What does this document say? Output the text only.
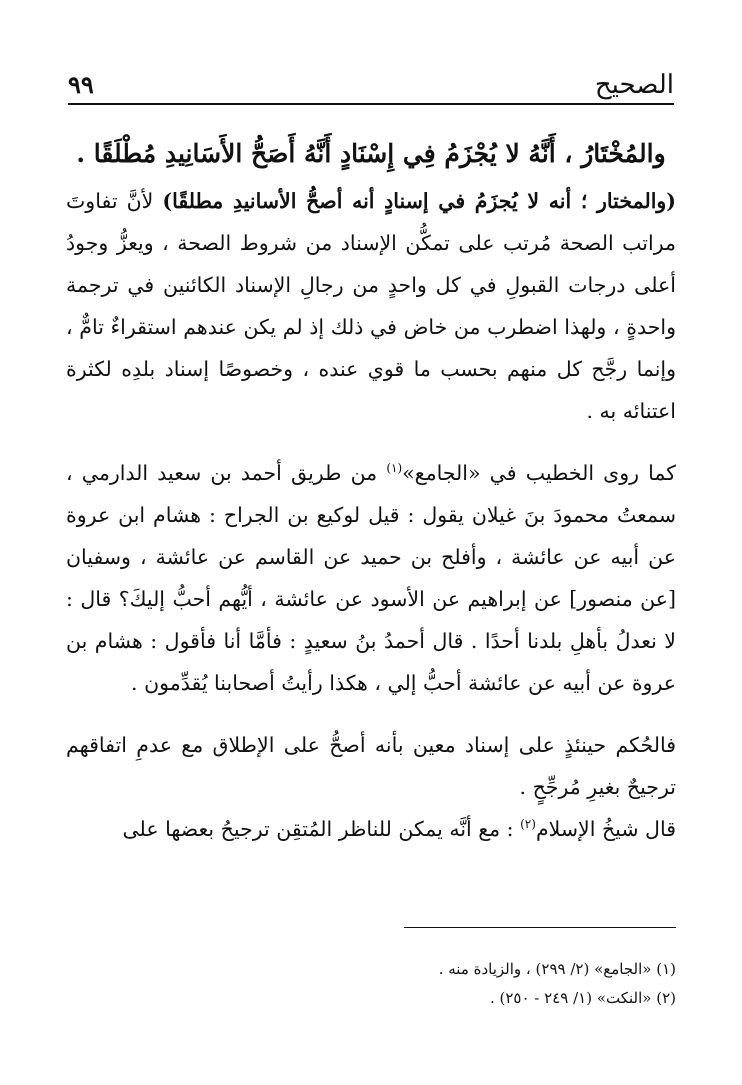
الصحيح
٩٩
والمُخْتَارُ ، أَنَّهُ لا يُجْزَمُ فِي إِسْنَادٍ أَنَّهُ أَصَحُّ الأَسَانِيدِ مُطْلَقًا .

(والمختار ؛ أنه لا يُجزَمُ في إسنادٍ أنه أصحُّ الأسانيدِ مطلقًا) لأنَّ تفاوتَ مراتب الصحة مُرتب على تمكُّن الإسناد من شروط الصحة ، ويعزُّ وجودُ أعلى درجات القبولِ في كل واحدٍ من رجالِ الإسناد الكائنين في ترجمة واحدةٍ ، ولهذا اضطرب من خاض في ذلك إذ لم يكن عندهم استقراءٌ تامٌّ ، وإنما رجَّح كل منهم بحسب ما قوي عنده ، وخصوصًا إسناد بلدِه لكثرة اعتنائه به .

كما روى الخطيب في «الجامع»$^{(١)}$ من طريق أحمد بن سعيد الدارمي ، سمعتُ محمودَ بنَ غيلان يقول : قيل لوكيع بن الجراح : هشام ابن عروة عن أبيه عن عائشة ، وأفلح بن حميد عن القاسم عن عائشة ، وسفيان [عن منصور] عن إبراهيم عن الأسود عن عائشة ، أيُّهم أحبُّ إليكَ؟ قال : لا نعدلُ بأهلِ بلدنا أحدًا . قال أحمدُ بنُ سعيدٍ : فأمَّا أنا فأقول : هشام بن عروة عن أبيه عن عائشة أحبُّ إلي ، هكذا رأيتُ أصحابنا يُقدِّمون .

فالحُكم حينئذٍ على إسناد معين بأنه أصحُّ على الإطلاق مع عدمِ اتفاقهم ترجيحٌ بغيرِ مُرجِّحٍ .

قال شيخُ الإسلام$^{(٢)}$ : مع أنَّه يمكن للناظر المُتقِن ترجيحُ بعضها على

(١) «الجامع» (٢/ ٢٩٩) ، والزيادة منه .

(٢) «النكت» (١/ ٢٤٩ - ٢٥٠) .
